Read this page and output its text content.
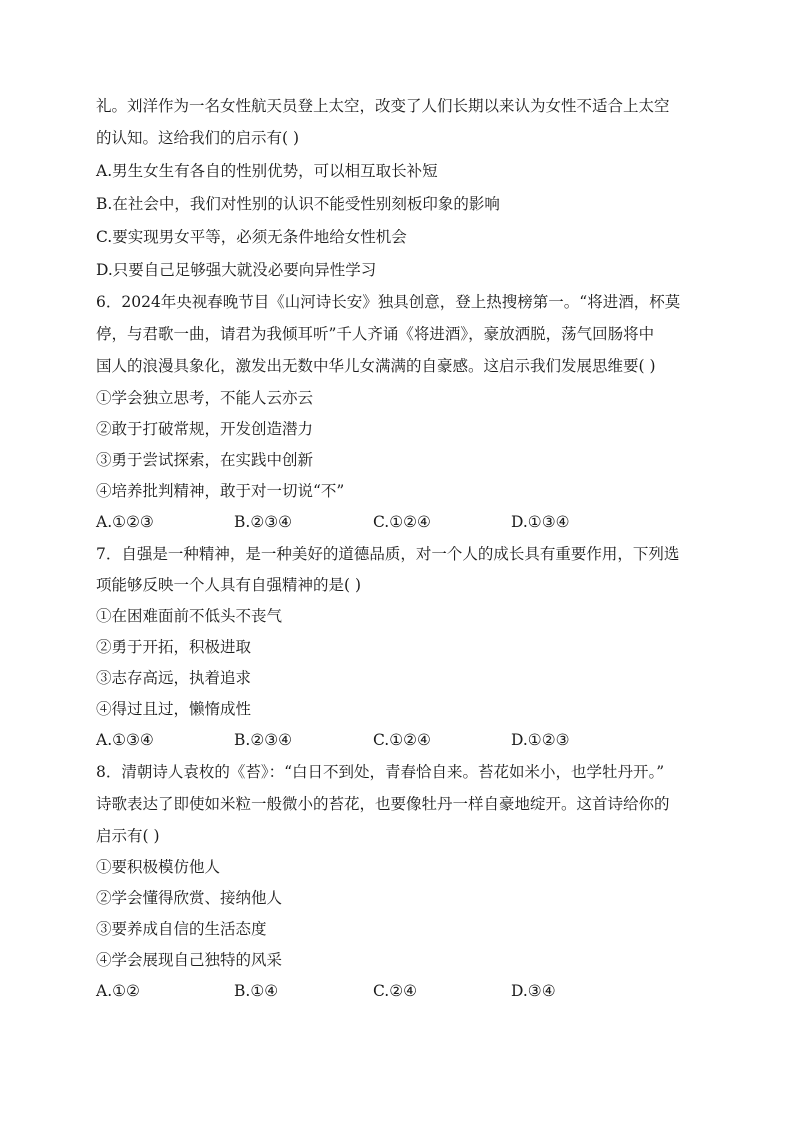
礼。刘洋作为一名女性航天员登上太空，改变了人们长期以来认为女性不适合上太空
的认知。这给我们的启示有( )
A.男生女生有各自的性别优势，可以相互取长补短
B.在社会中，我们对性别的认识不能受性别刻板印象的影响
C.要实现男女平等，必须无条件地给女性机会
D.只要自己足够强大就没必要向异性学习
6．2024年央视春晚节目《山河诗长安》独具创意，登上热搜榜第一。“将进酒，杯莫
停，与君歌一曲，请君为我倾耳听”千人齐诵《将进酒》，豪放洒脱，荡气回肠将中
国人的浪漫具象化，激发出无数中华儿女满满的自豪感。这启示我们发展思维要( )
①学会独立思考，不能人云亦云
②敢于打破常规，开发创造潜力
③勇于尝试探索，在实践中创新
④培养批判精神，敢于对一切说“不”
A.①②③	B.②③④	C.①②④	D.①③④
7．自强是一种精神，是一种美好的道德品质，对一个人的成长具有重要作用，下列选
项能够反映一个人具有自强精神的是( )
①在困难面前不低头不丧气
②勇于开拓，积极进取
③志存高远，执着追求
④得过且过，懒惰成性
A.①③④	B.②③④	C.①②④	D.①②③
8．清朝诗人袁枚的《苔》：“白日不到处，青春恰自来。苔花如米小，也学牡丹开。”
诗歌表达了即使如米粒一般微小的苔花，也要像牡丹一样自豪地绽开。这首诗给你的
启示有( )
①要积极模仿他人
②学会懂得欣赏、接纳他人
③要养成自信的生活态度
④学会展现自己独特的风采
A.①②	B.①④	C.②④	D.③④
